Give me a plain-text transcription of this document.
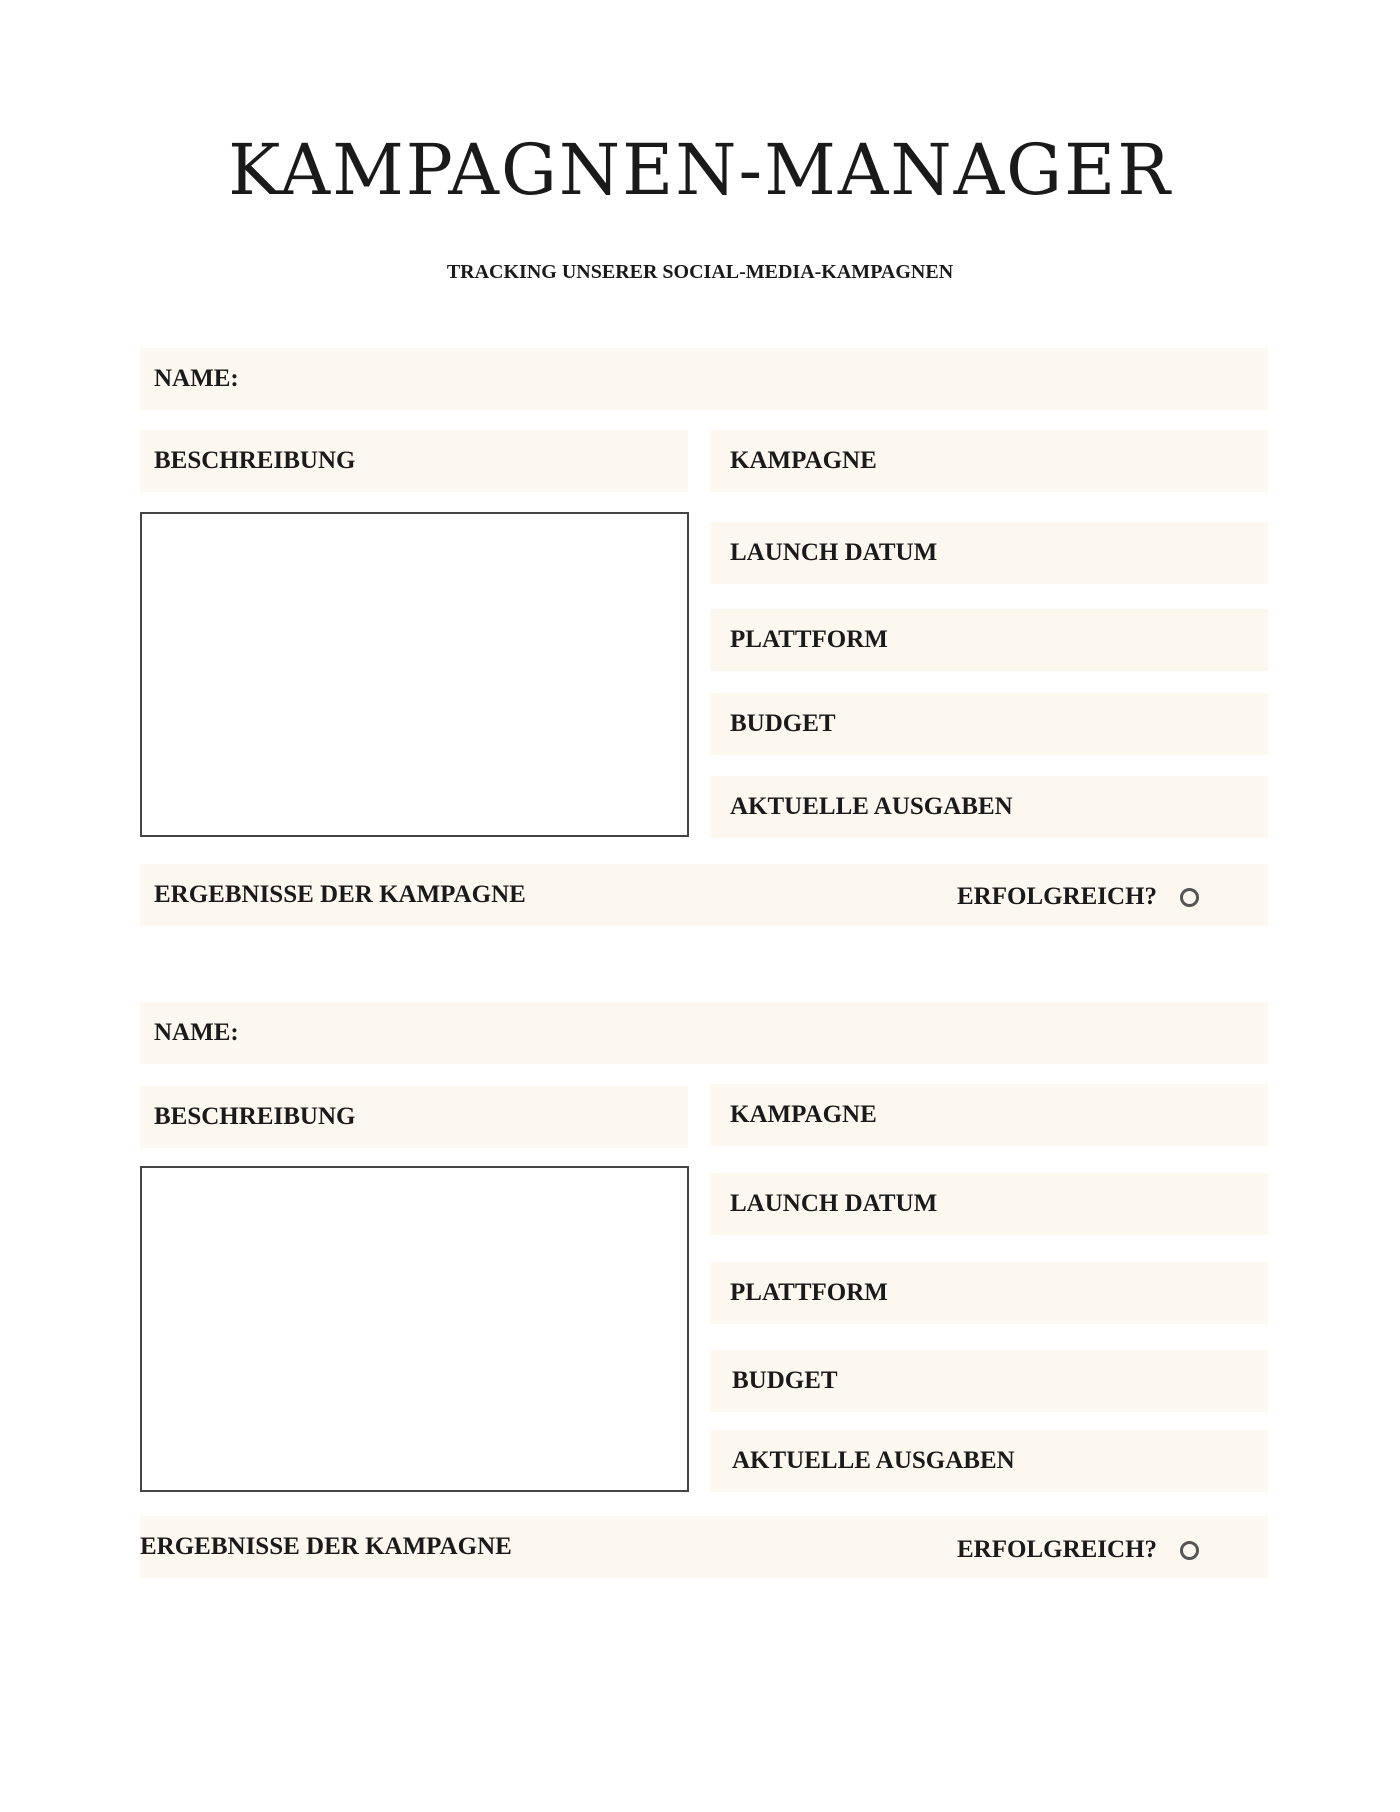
KAMPAGNEN-MANAGER
TRACKING UNSERER SOCIAL-MEDIA-KAMPAGNEN
NAME:
BESCHREIBUNG	KAMPAGNE
LAUNCH DATUM
PLATTFORM
BUDGET
AKTUELLE AUSGABEN
ERGEBNISSE DER KAMPAGNE	ERFOLGREICH?
NAME:
BESCHREIBUNG	KAMPAGNE
LAUNCH DATUM
PLATTFORM
BUDGET
AKTUELLE AUSGABEN
ERGEBNISSE DER KAMPAGNE	ERFOLGREICH?
